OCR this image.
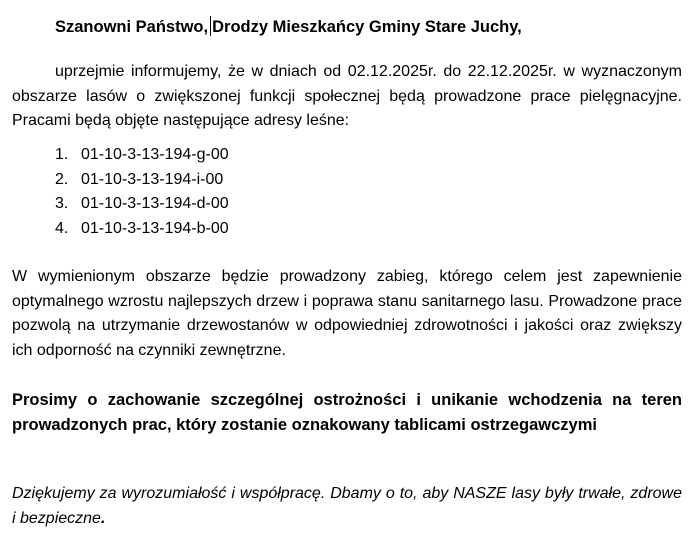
Szanowni Państwo, Drodzy Mieszkańcy Gminy Stare Juchy,
uprzejmie informujemy, że w dniach od 02.12.2025r. do 22.12.2025r. w wyznaczonym obszarze lasów o zwiększonej funkcji społecznej będą prowadzone prace pielęgnacyjne. Pracami będą objęte następujące adresy leśne:
1. 01-10-3-13-194-g-00
2. 01-10-3-13-194-i-00
3. 01-10-3-13-194-d-00
4. 01-10-3-13-194-b-00
W wymienionym obszarze będzie prowadzony zabieg, którego celem jest zapewnienie optymalnego wzrostu najlepszych drzew i poprawa stanu sanitarnego lasu. Prowadzone prace pozwolą na utrzymanie drzewostanów w odpowiedniej zdrowotności i jakości oraz zwiększy ich odporność na czynniki zewnętrzne.
Prosimy o zachowanie szczególnej ostrożności i unikanie wchodzenia na teren prowadzonych prac, który zostanie oznakowany tablicami ostrzegawczymi
Dziękujemy za wyrozumiałość i współpracę. Dbamy o to, aby NASZE lasy były trwałe, zdrowe i bezpieczne.
